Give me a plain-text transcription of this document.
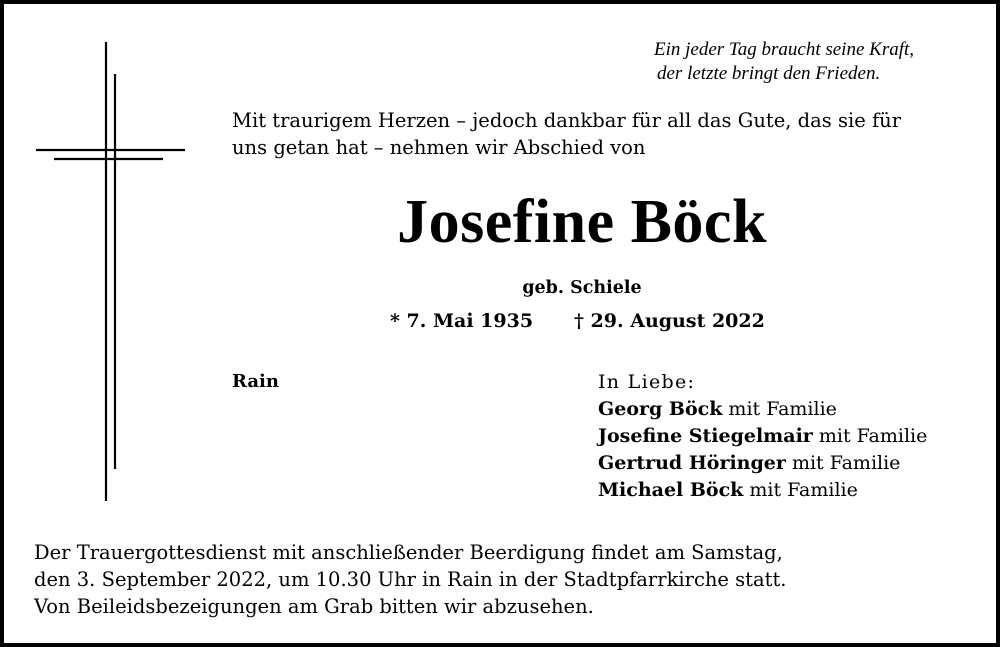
Ein jeder Tag braucht seine Kraft,
der letzte bringt den Frieden.
Mit traurigem Herzen – jedoch dankbar für all das Gute, das sie für
uns getan hat – nehmen wir Abschied von
Josefine Böck
geb. Schiele
* 7. Mai 1935 † 29. August 2022
Rain	In Liebe:
Georg Böck mit Familie
Josefine Stiegelmair mit Familie
Gertrud Höringer mit Familie
Michael Böck mit Familie
Der Trauergottesdienst mit anschließender Beerdigung findet am Samstag,
den 3. September 2022, um 10.30 Uhr in Rain in der Stadtpfarrkirche statt.
Von Beileidsbezeigungen am Grab bitten wir abzusehen.
